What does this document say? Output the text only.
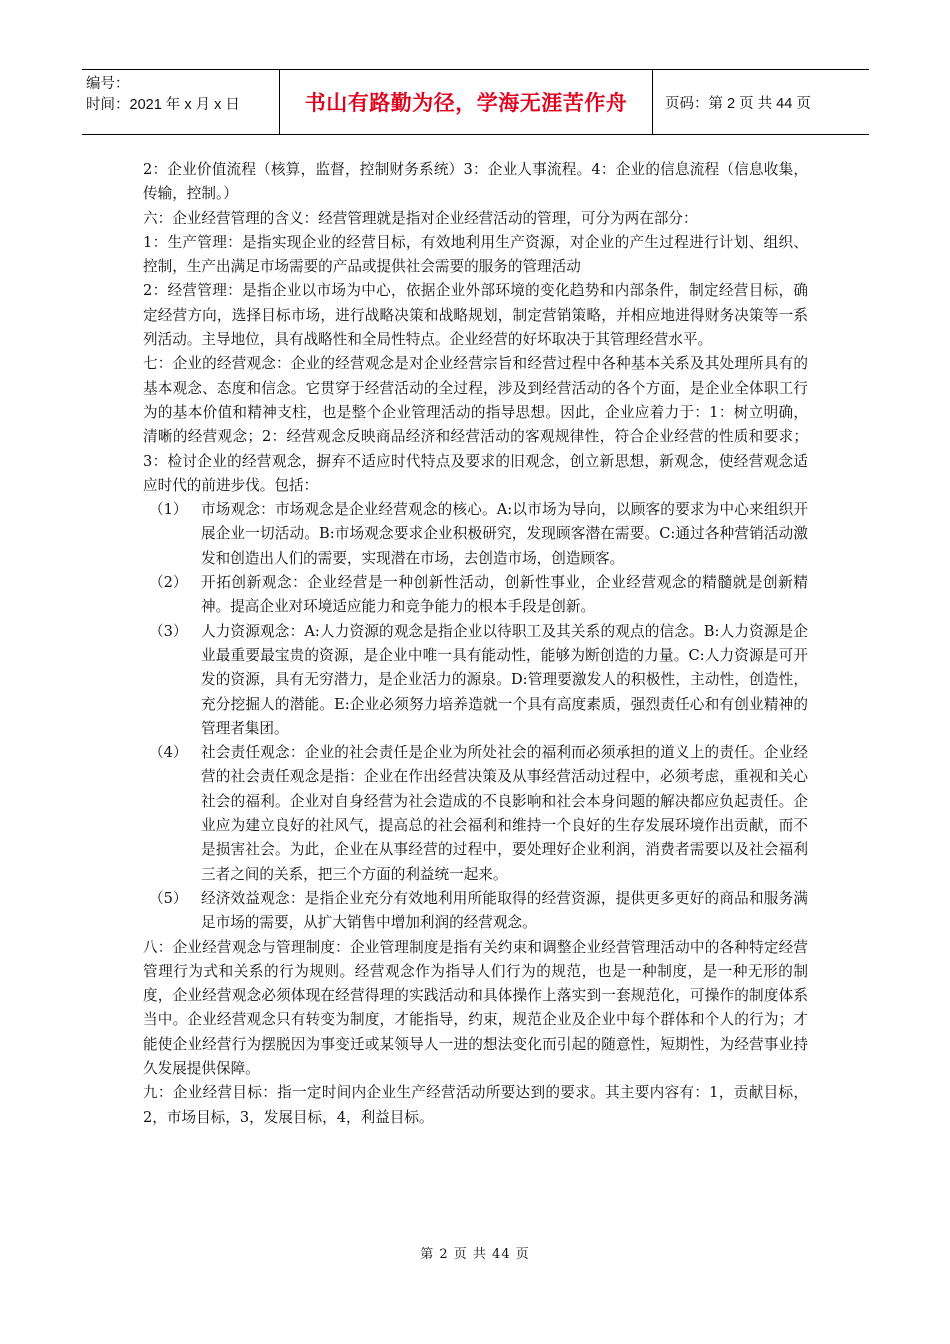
编号：
时间：2021 年 x 月 x 日	书山有路勤为径，学海无涯苦作舟	页码：第 2 页 共 44 页

2：企业价值流程（核算，监督，控制财务系统）3：企业人事流程。4：企业的信息流程（信息收集，传输，控制。）

六：企业经营管理的含义：经营管理就是指对企业经营活动的管理，可分为两在部分：

1：生产管理：是指实现企业的经营目标，有效地利用生产资源，对企业的产生过程进行计划、组织、控制，生产出满足市场需要的产品或提供社会需要的服务的管理活动

2：经营管理：是指企业以市场为中心，依据企业外部环境的变化趋势和内部条件，制定经营目标，确定经营方向，选择目标市场，进行战略决策和战略规划，制定营销策略，并相应地进得财务决策等一系列活动。主导地位，具有战略性和全局性特点。企业经营的好坏取决于其管理经营水平。

七：企业的经营观念：企业的经营观念是对企业经营宗旨和经营过程中各种基本关系及其处理所具有的基本观念、态度和信念。它贯穿于经营活动的全过程，涉及到经营活动的各个方面，是企业全体职工行为的基本价值和精神支柱，也是整个企业管理活动的指导思想。因此，企业应着力于：1：树立明确，清晰的经营观念；2：经营观念反映商品经济和经营活动的客观规律性，符合企业经营的性质和要求；3：检讨企业的经营观念，摒弃不适应时代特点及要求的旧观念，创立新思想，新观念，使经营观念适应时代的前进步伐。包括：

（1） 市场观念：市场观念是企业经营观念的核心。A:以市场为导向，以顾客的要求为中心来组织开展企业一切活动。B:市场观念要求企业积极研究，发现顾客潜在需要。C:通过各种营销活动激发和创造出人们的需要，实现潜在市场，去创造市场，创造顾客。
（2） 开拓创新观念：企业经营是一种创新性活动，创新性事业，企业经营观念的精髓就是创新精神。提高企业对环境适应能力和竞争能力的根本手段是创新。
（3） 人力资源观念：A:人力资源的观念是指企业以待职工及其关系的观点的信念。B:人力资源是企业最重要最宝贵的资源，是企业中唯一具有能动性，能够为断创造的力量。C:人力资源是可开发的资源，具有无穷潜力，是企业活力的源泉。D:管理要激发人的积极性，主动性，创造性，充分挖掘人的潜能。E:企业必须努力培养造就一个具有高度素质，强烈责任心和有创业精神的管理者集团。
（4） 社会责任观念：企业的社会责任是企业为所处社会的福利而必须承担的道义上的责任。企业经营的社会责任观念是指：企业在作出经营决策及从事经营活动过程中，必须考虑，重视和关心社会的福利。企业对自身经营为社会造成的不良影响和社会本身问题的解决都应负起责任。企业应为建立良好的社风气，提高总的社会福利和维持一个良好的生存发展环境作出贡献，而不是损害社会。为此，企业在从事经营的过程中，要处理好企业利润，消费者需要以及社会福利三者之间的关系，把三个方面的利益统一起来。
（5） 经济效益观念：是指企业充分有效地利用所能取得的经营资源，提供更多更好的商品和服务满足市场的需要，从扩大销售中增加利润的经营观念。

八：企业经营观念与管理制度：企业管理制度是指有关约束和调整企业经营管理活动中的各种特定经营管理行为式和关系的行为规则。经营观念作为指导人们行为的规范，也是一种制度，是一种无形的制度，企业经营观念必须体现在经营得理的实践活动和具体操作上落实到一套规范化，可操作的制度体系当中。企业经营观念只有转变为制度，才能指导，约束，规范企业及企业中每个群体和个人的行为；才能使企业经营行为摆脱因为事变迁或某领导人一进的想法变化而引起的随意性，短期性，为经营事业持久发展提供保障。

九：企业经营目标：指一定时间内企业生产经营活动所要达到的要求。其主要内容有：1，贡献目标，2，市场目标，3，发展目标，4，利益目标。

第 2 页 共 44 页
